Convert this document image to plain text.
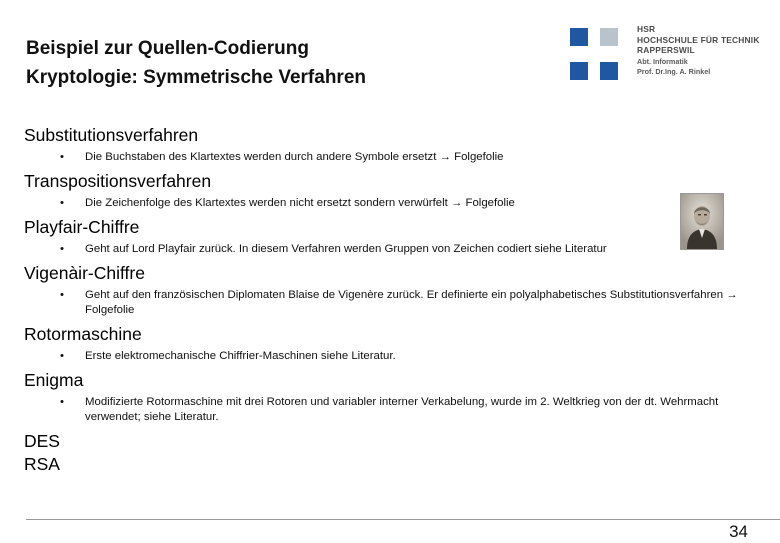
Beispiel zur Quellen-Codierung
Kryptologie: Symmetrische Verfahren
HSR
HOCHSCHULE FÜR TECHNIK
RAPPERSWIL
Abt. Informatik
Prof. Dr.Ing. A. Rinkel
Substitutionsverfahren
• Die Buchstaben des Klartextes werden durch andere Symbole ersetzt → Folgefolie
Transpositionsverfahren
• Die Zeichenfolge des Klartextes werden nicht ersetzt sondern verwürfelt → Folgefolie
Playfair-Chiffre
• Geht auf Lord Playfair zurück. In diesem Verfahren werden Gruppen von Zeichen codiert siehe Literatur
Vigenàir-Chiffre
• Geht auf den französischen Diplomaten Blaise de Vigenère zurück. Er definierte ein polyalphabetisches Substitutionsverfahren → Folgefolie
Rotormaschine
• Erste elektromechanische Chiffrier-Maschinen siehe Literatur.
Enigma
• Modifizierte Rotormaschine mit drei Rotoren und variabler interner Verkabelung, wurde im 2. Weltkrieg von der dt. Wehrmacht verwendet; siehe Literatur.
DES
RSA
34
